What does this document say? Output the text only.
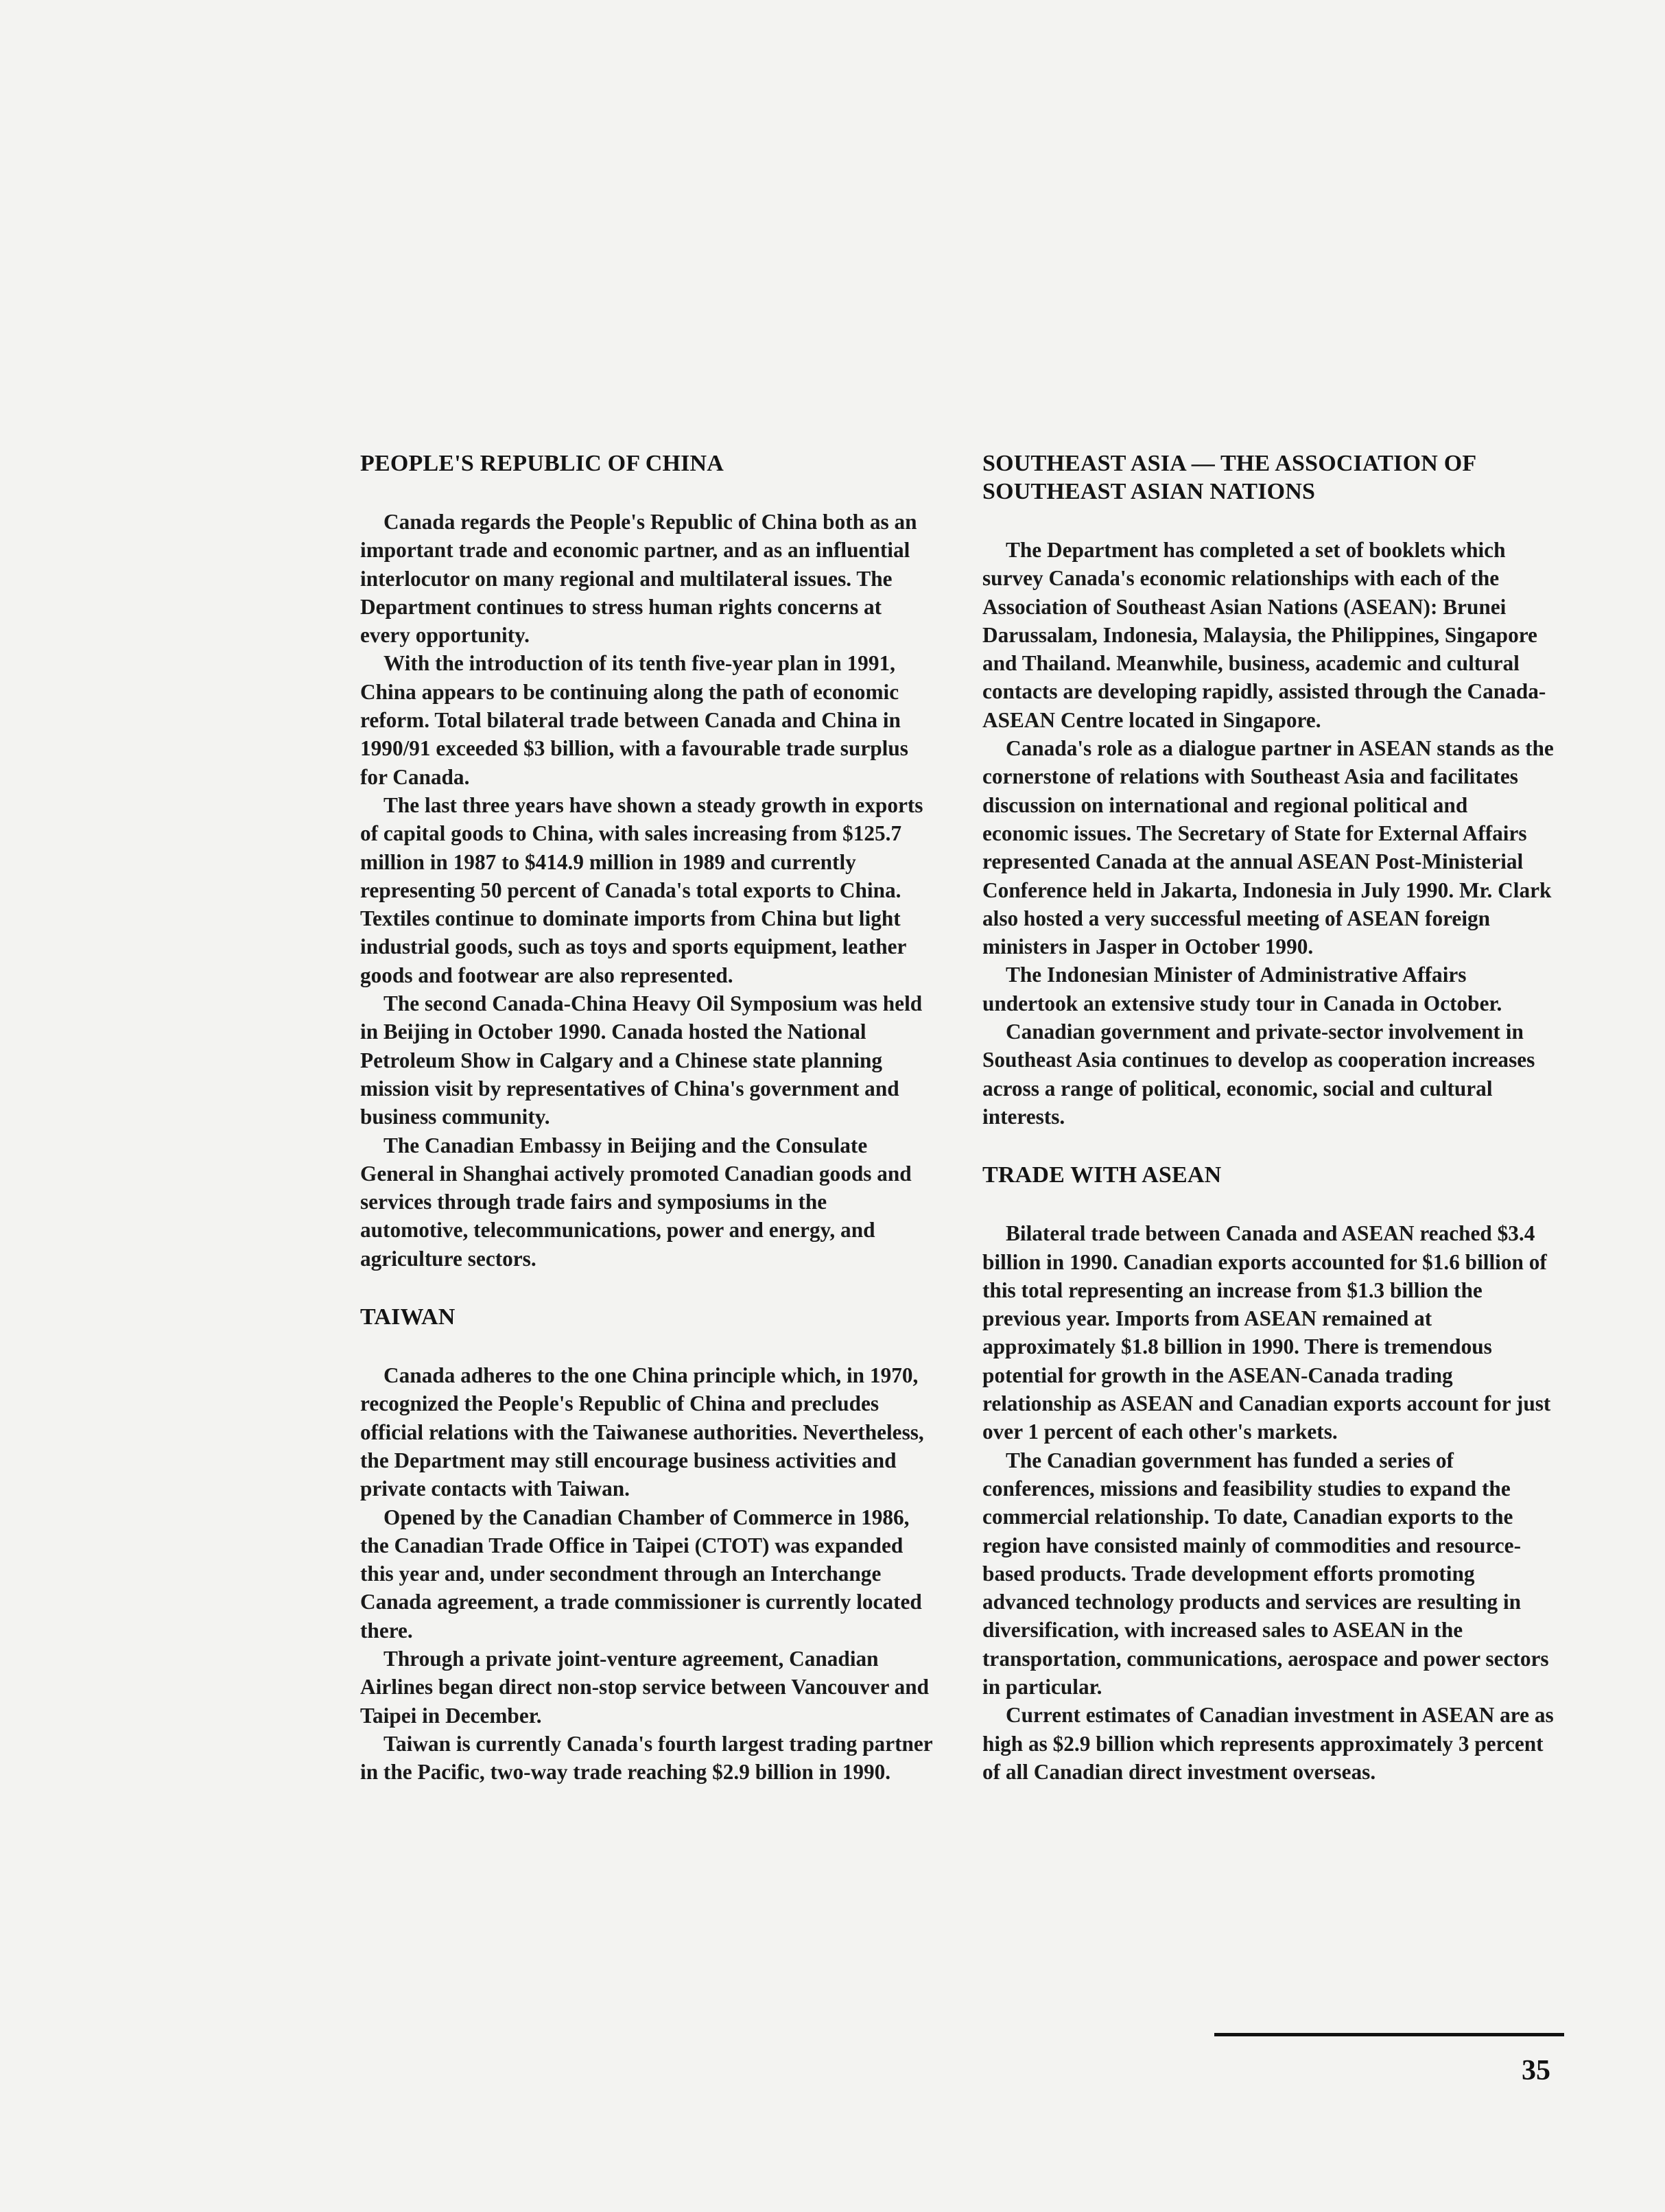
PEOPLE'S REPUBLIC OF CHINA

Canada regards the People's Republic of China both as an important trade and economic partner, and as an influential interlocutor on many regional and multilateral issues. The Department continues to stress human rights concerns at every opportunity.

With the introduction of its tenth five-year plan in 1991, China appears to be continuing along the path of economic reform. Total bilateral trade between Canada and China in 1990/91 exceeded $3 billion, with a favourable trade surplus for Canada.

The last three years have shown a steady growth in exports of capital goods to China, with sales increasing from $125.7 million in 1987 to $414.9 million in 1989 and currently representing 50 percent of Canada's total exports to China. Textiles continue to dominate imports from China but light industrial goods, such as toys and sports equipment, leather goods and footwear are also represented.

The second Canada-China Heavy Oil Symposium was held in Beijing in October 1990. Canada hosted the National Petroleum Show in Calgary and a Chinese state planning mission visit by representatives of China's government and business community.

The Canadian Embassy in Beijing and the Consulate General in Shanghai actively promoted Canadian goods and services through trade fairs and symposiums in the automotive, telecommunications, power and energy, and agriculture sectors.

TAIWAN

Canada adheres to the one China principle which, in 1970, recognized the People's Republic of China and precludes official relations with the Taiwanese authorities. Nevertheless, the Department may still encourage business activities and private contacts with Taiwan.

Opened by the Canadian Chamber of Commerce in 1986, the Canadian Trade Office in Taipei (CTOT) was expanded this year and, under secondment through an Interchange Canada agreement, a trade commissioner is currently located there.

Through a private joint-venture agreement, Canadian Airlines began direct non-stop service between Vancouver and Taipei in December.

Taiwan is currently Canada's fourth largest trading partner in the Pacific, two-way trade reaching $2.9 billion in 1990.

SOUTHEAST ASIA — THE ASSOCIATION OF SOUTHEAST ASIAN NATIONS

The Department has completed a set of booklets which survey Canada's economic relationships with each of the Association of Southeast Asian Nations (ASEAN): Brunei Darussalam, Indonesia, Malaysia, the Philippines, Singapore and Thailand. Meanwhile, business, academic and cultural contacts are developing rapidly, assisted through the Canada-ASEAN Centre located in Singapore.

Canada's role as a dialogue partner in ASEAN stands as the cornerstone of relations with Southeast Asia and facilitates discussion on international and regional political and economic issues. The Secretary of State for External Affairs represented Canada at the annual ASEAN Post-Ministerial Conference held in Jakarta, Indonesia in July 1990. Mr. Clark also hosted a very successful meeting of ASEAN foreign ministers in Jasper in October 1990.

The Indonesian Minister of Administrative Affairs undertook an extensive study tour in Canada in October.

Canadian government and private-sector involvement in Southeast Asia continues to develop as cooperation increases across a range of political, economic, social and cultural interests.

TRADE WITH ASEAN

Bilateral trade between Canada and ASEAN reached $3.4 billion in 1990. Canadian exports accounted for $1.6 billion of this total representing an increase from $1.3 billion the previous year. Imports from ASEAN remained at approximately $1.8 billion in 1990. There is tremendous potential for growth in the ASEAN-Canada trading relationship as ASEAN and Canadian exports account for just over 1 percent of each other's markets.

The Canadian government has funded a series of conferences, missions and feasibility studies to expand the commercial relationship. To date, Canadian exports to the region have consisted mainly of commodities and resource-based products. Trade development efforts promoting advanced technology products and services are resulting in diversification, with increased sales to ASEAN in the transportation, communications, aerospace and power sectors in particular.

Current estimates of Canadian investment in ASEAN are as high as $2.9 billion which represents approximately 3 percent of all Canadian direct investment overseas.

35
